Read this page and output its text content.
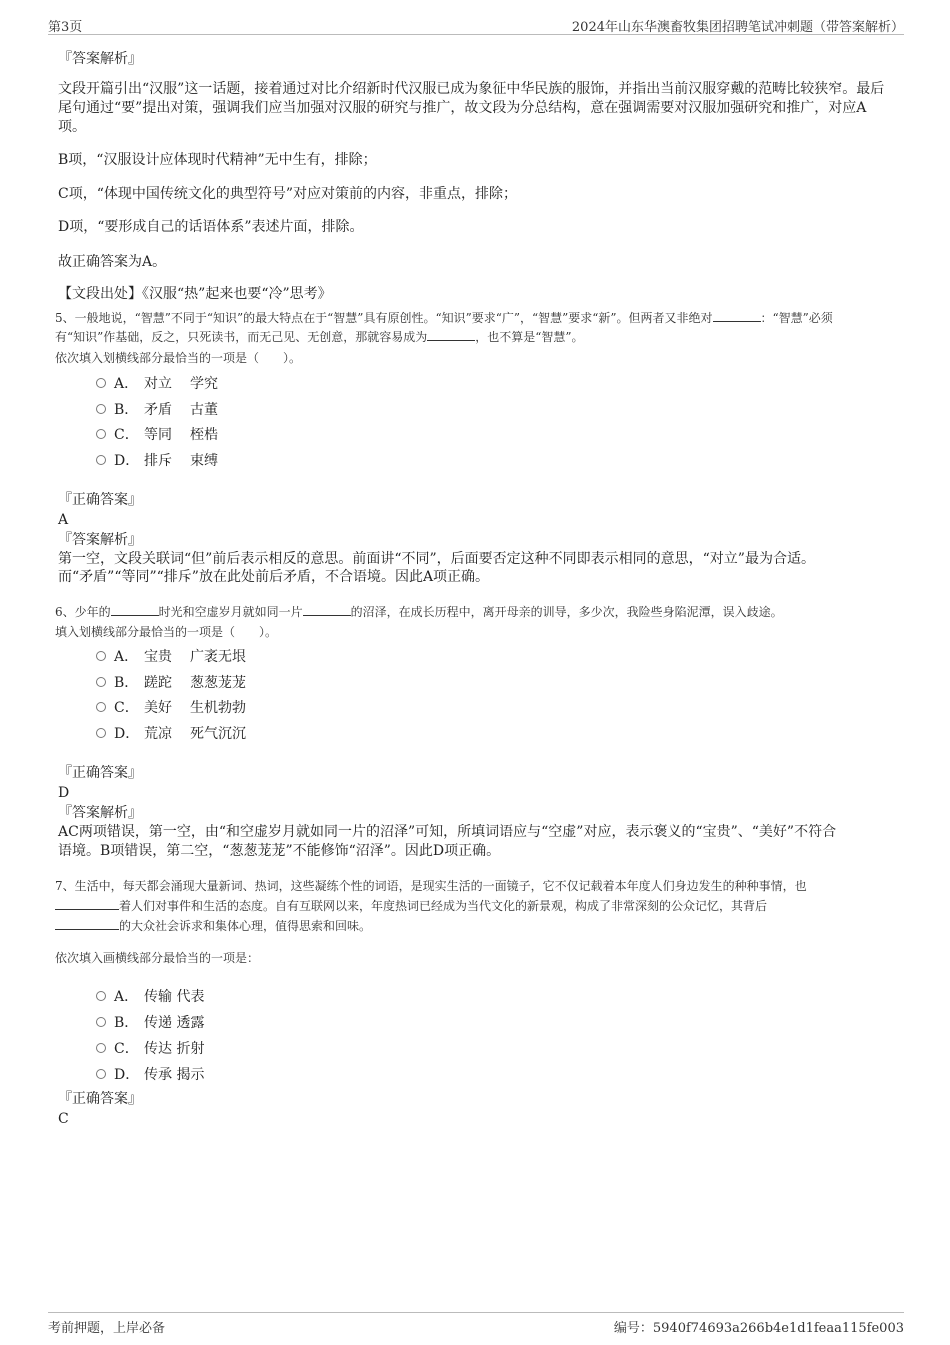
第3页	2024年山东华澳畜牧集团招聘笔试冲刺题（带答案解析）
『答案解析』
文段开篇引出“汉服”这一话题，接着通过对比介绍新时代汉服已成为象征中华民族的服饰，并指出当前汉服穿戴的范畴比较狭窄。最后尾句通过“要”提出对策，强调我们应当加强对汉服的研究与推广，故文段为分总结构，意在强调需要对汉服加强研究和推广，对应A项。
B项，“汉服设计应体现时代精神”无中生有，排除；
C项，“体现中国传统文化的典型符号”对应对策前的内容，非重点，排除；
D项，“要形成自己的话语体系”表述片面，排除。
故正确答案为A。
【文段出处】《汉服“热”起来也要“冷”思考》
5、一般地说，“智慧”不同于“知识”的最大特点在于“智慧”具有原创性。“知识”要求“广”，“智慧”要求“新”。但两者又非绝对	：“智慧”必须
有“知识”作基础，反之，只死读书，而无己见、无创意，那就容易成为	，也不算是“智慧”。
依次填入划横线部分最恰当的一项是（　　）。
A． 对立 学究
B． 矛盾 古董
C． 等同 桎梏
D． 排斥 束缚
『正确答案』
A
『答案解析』
第一空，文段关联词“但”前后表示相反的意思。前面讲“不同”，后面要否定这种不同即表示相同的意思，“对立”最为合适。
而“矛盾”“等同”“排斥”放在此处前后矛盾，不合语境。因此A项正确。
6、少年的	时光和空虚岁月就如同一片	的沼泽，在成长历程中，离开母亲的训导，多少次，我险些身陷泥潭，误入歧途。
填入划横线部分最恰当的一项是（　　）。
A． 宝贵 广袤无垠
B． 蹉跎 葱葱茏茏
C． 美好 生机勃勃
D． 荒凉 死气沉沉
『正确答案』
D
『答案解析』
AC两项错误，第一空，由“和空虚岁月就如同一片的沼泽”可知，所填词语应与“空虚”对应，表示褒义的“宝贵”、“美好”不符合
语境。B项错误，第二空，“葱葱茏茏”不能修饰“沼泽”。因此D项正确。
7、生活中，每天都会涌现大量新词、热词，这些凝练个性的词语，是现实生活的一面镜子，它不仅记载着本年度人们身边发生的种种事情，也
着人们对事件和生活的态度。自有互联网以来，年度热词已经成为当代文化的新景观，构成了非常深刻的公众记忆，其背后
的大众社会诉求和集体心理，值得思索和回味。
依次填入画横线部分最恰当的一项是：
A． 传输 代表
B． 传递 透露
C． 传达 折射
D． 传承 揭示
『正确答案』
C
考前押题，上岸必备	编号：5940f74693a266b4e1d1feaa115fe003
